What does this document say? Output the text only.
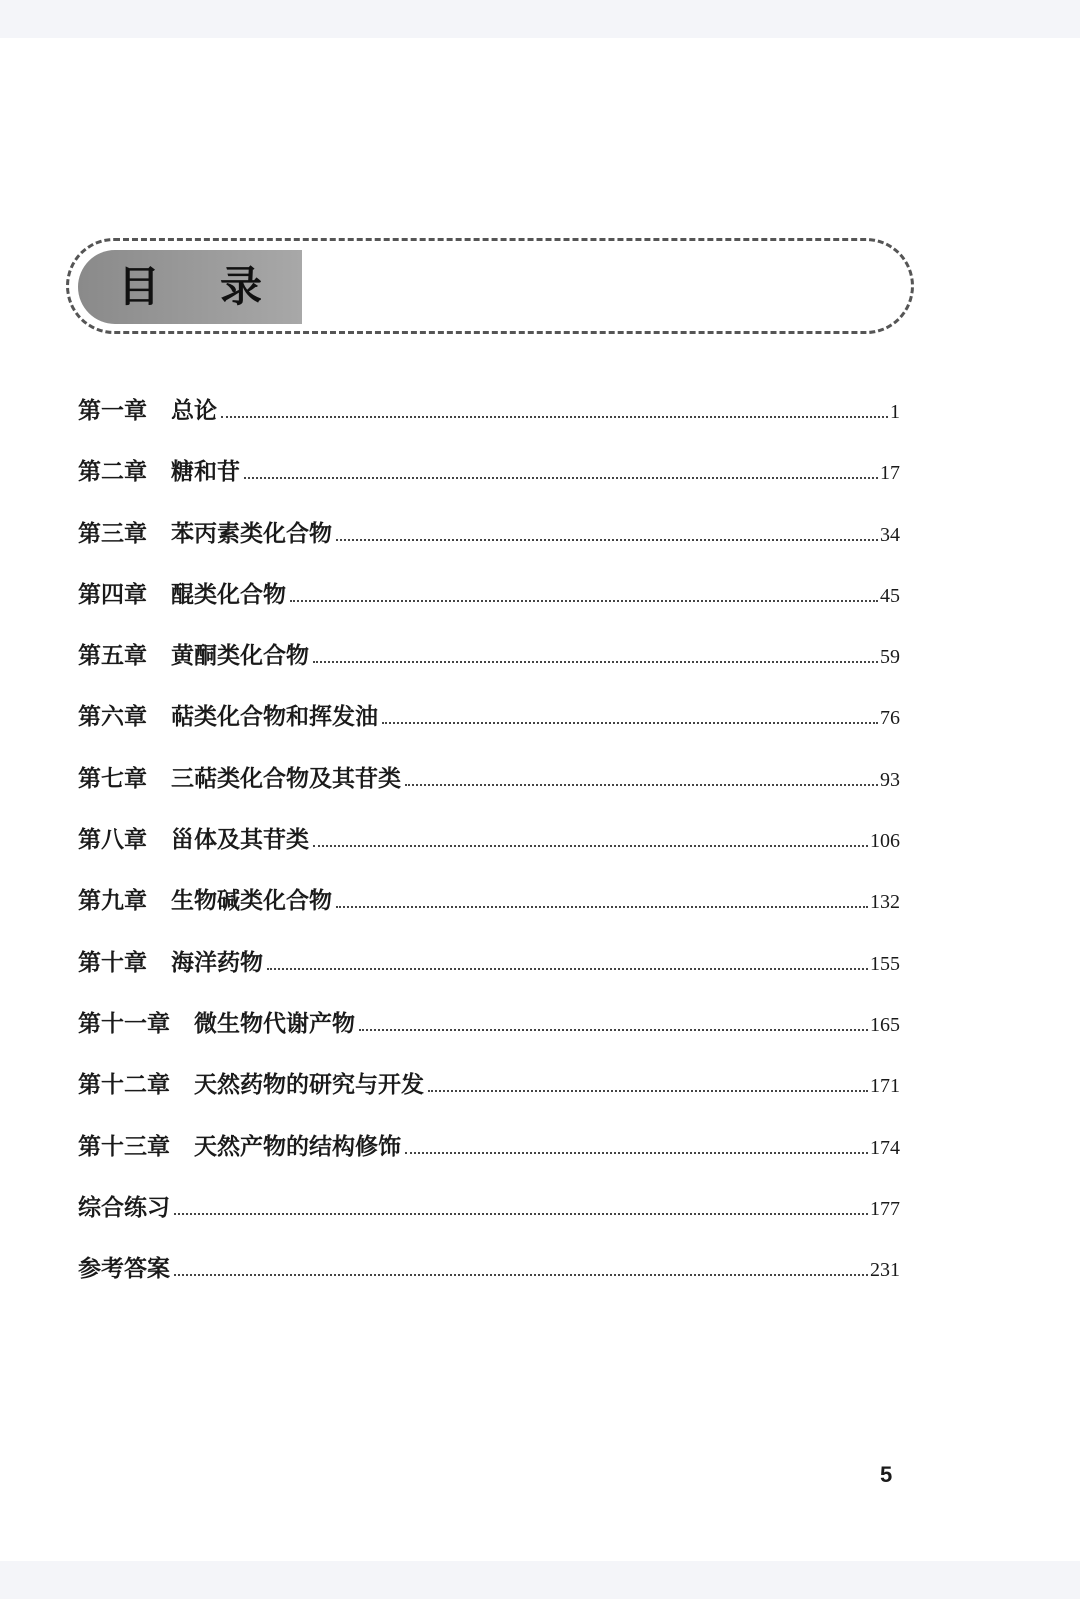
目录
第一章 总论	1
第二章 糖和苷	17
第三章 苯丙素类化合物	34
第四章 醌类化合物	45
第五章 黄酮类化合物	59
第六章 萜类化合物和挥发油	76
第七章 三萜类化合物及其苷类	93
第八章 甾体及其苷类	106
第九章 生物碱类化合物	132
第十章 海洋药物	155
第十一章 微生物代谢产物	165
第十二章 天然药物的研究与开发	171
第十三章 天然产物的结构修饰	174
综合练习	177
参考答案	231
5
